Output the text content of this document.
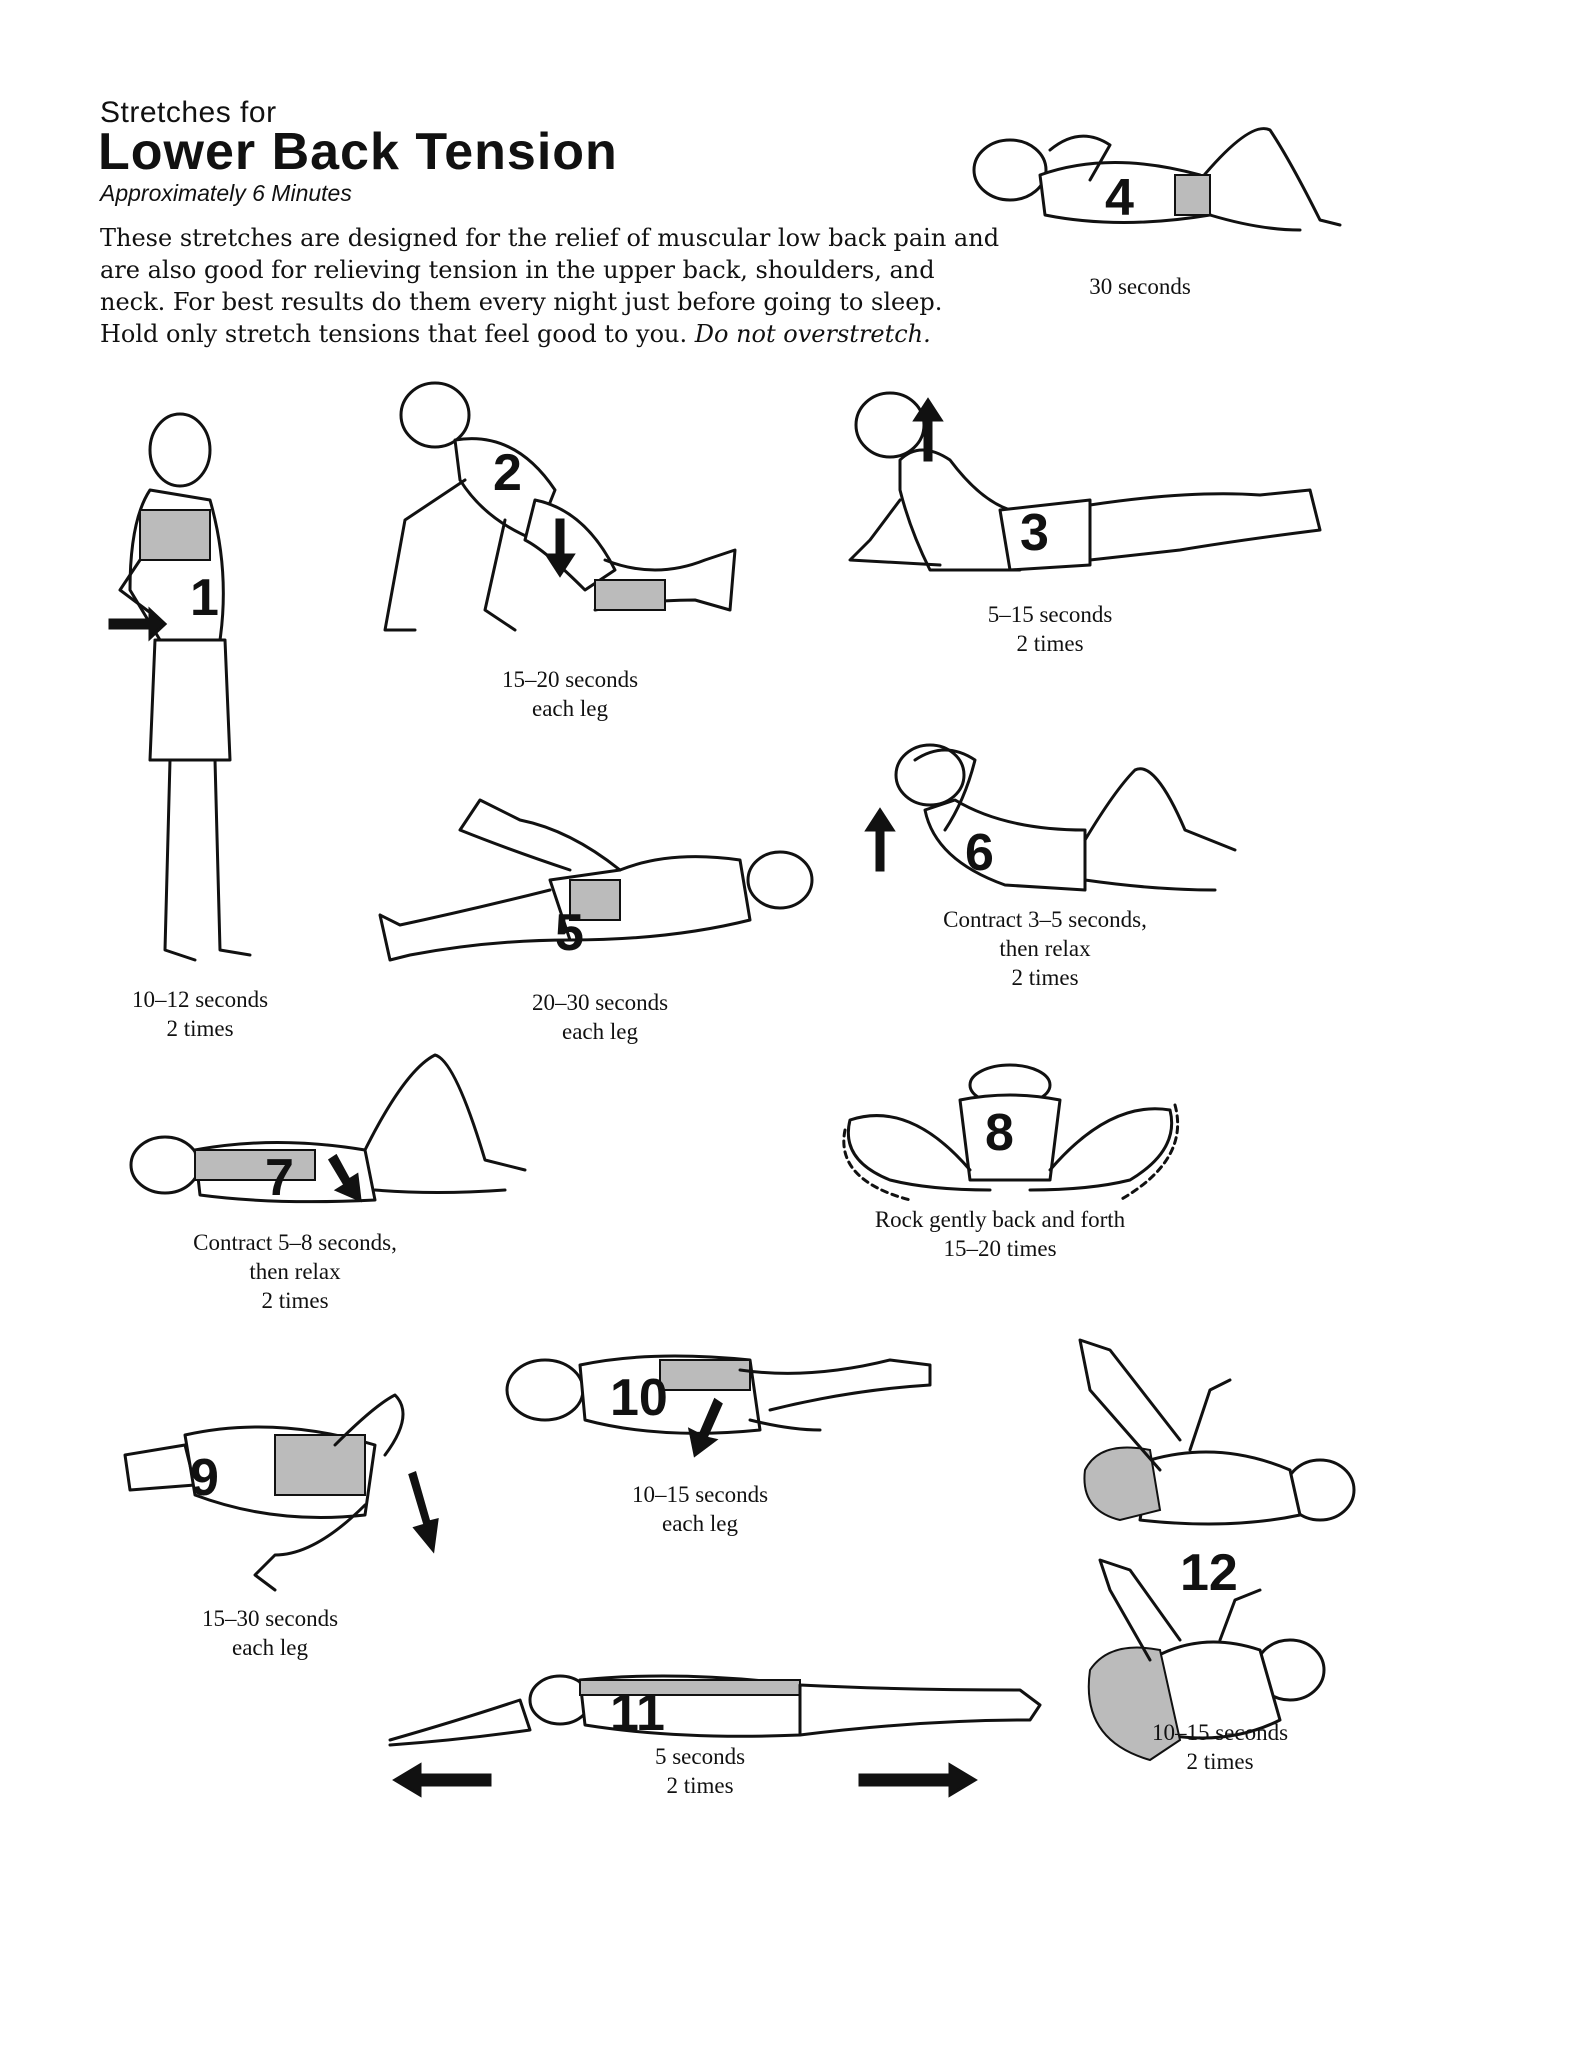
Stretches for
Lower Back Tension
Approximately 6 Minutes
These stretches are designed for the relief of muscular low back pain and are also good for relieving tension in the upper back, shoulders, and neck. For best results do them every night just before going to sleep. Hold only stretch tensions that feel good to you. Do not overstretch.
4
30 seconds
1
10–12 seconds
2 times
2
15–20 seconds
each leg
3
5–15 seconds
2 times
6
Contract 3–5 seconds,
then relax
2 times
5
20–30 seconds
each leg
7
Contract 5–8 seconds,
then relax
2 times
8
Rock gently back and forth
15–20 times
10
10–15 seconds
each leg
9
15–30 seconds
each leg
12
10–15 seconds
2 times
11
5 seconds
2 times
